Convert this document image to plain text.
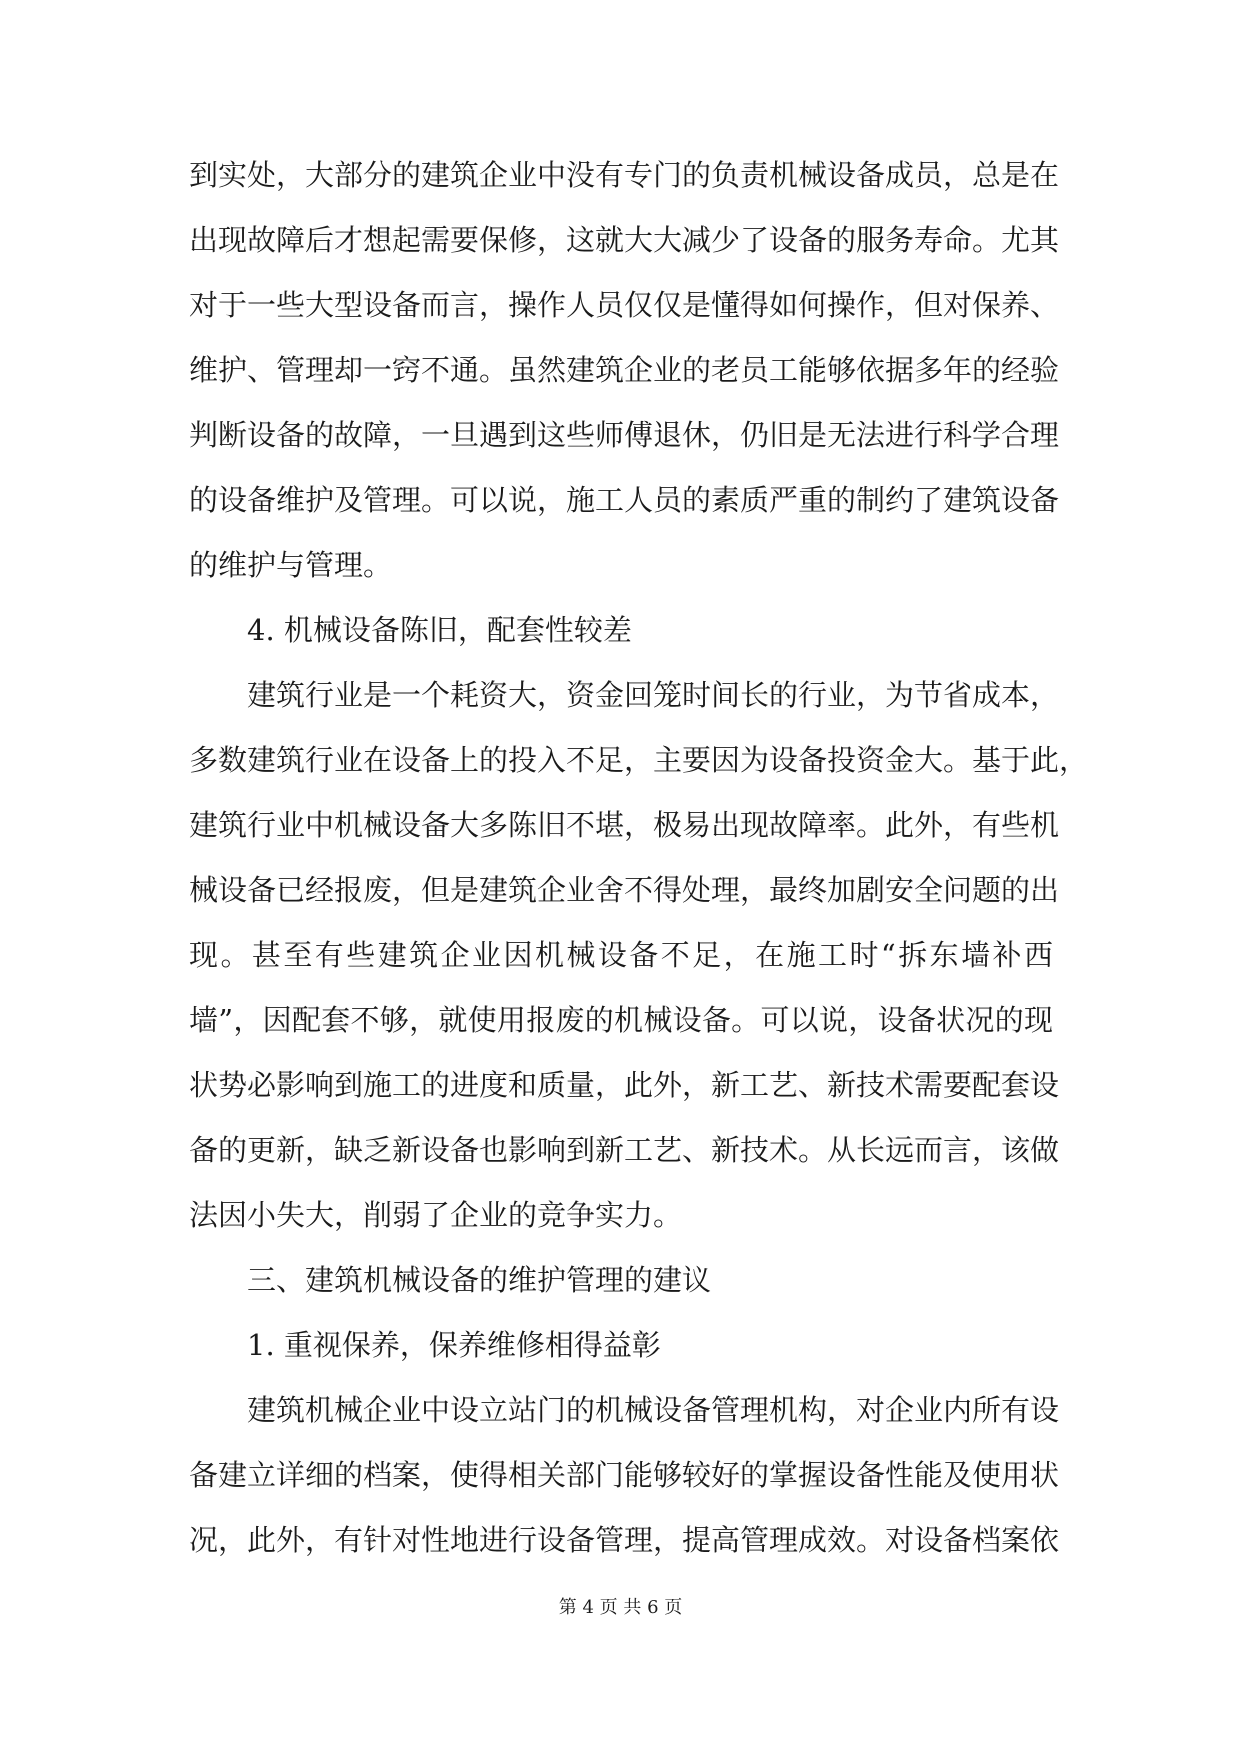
到实处，大部分的建筑企业中没有专门的负责机械设备成员，总是在
出现故障后才想起需要保修，这就大大减少了设备的服务寿命。尤其
对于一些大型设备而言，操作人员仅仅是懂得如何操作，但对保养、
维护、管理却一窍不通。虽然建筑企业的老员工能够依据多年的经验
判断设备的故障，一旦遇到这些师傅退休，仍旧是无法进行科学合理
的设备维护及管理。可以说，施工人员的素质严重的制约了建筑设备
的维护与管理。
4. 机械设备陈旧，配套性较差
建筑行业是一个耗资大，资金回笼时间长的行业，为节省成本，
多数建筑行业在设备上的投入不足，主要因为设备投资金大。基于此，
建筑行业中机械设备大多陈旧不堪，极易出现故障率。此外，有些机
械设备已经报废，但是建筑企业舍不得处理，最终加剧安全问题的出
现。甚至有些建筑企业因机械设备不足，在施工时“拆东墙补西
墙”，因配套不够，就使用报废的机械设备。可以说，设备状况的现
状势必影响到施工的进度和质量，此外，新工艺、新技术需要配套设
备的更新，缺乏新设备也影响到新工艺、新技术。从长远而言，该做
法因小失大，削弱了企业的竞争实力。
三、建筑机械设备的维护管理的建议
1. 重视保养，保养维修相得益彰
建筑机械企业中设立站门的机械设备管理机构，对企业内所有设
备建立详细的档案，使得相关部门能够较好的掌握设备性能及使用状
况，此外，有针对性地进行设备管理，提高管理成效。对设备档案依
第 4 页 共 6 页
